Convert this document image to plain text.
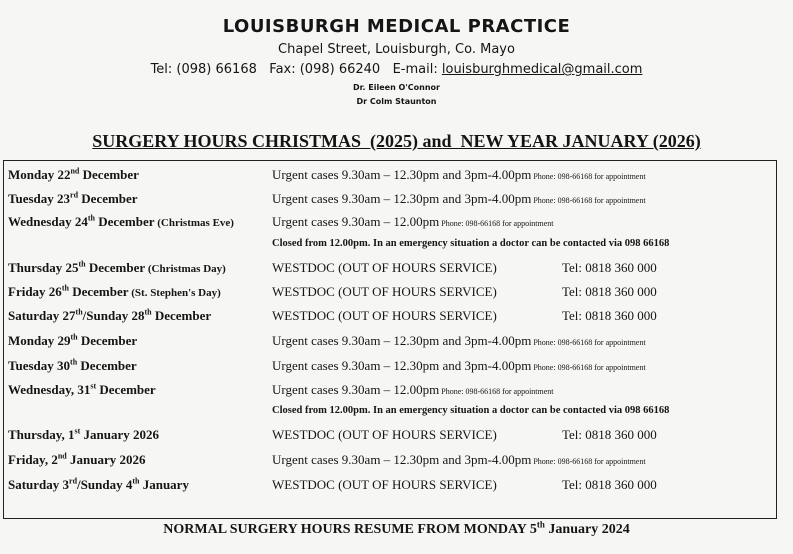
LOUISBURGH MEDICAL PRACTICE
Chapel Street, Louisburgh, Co. Mayo
Tel: (098) 66168 Fax: (098) 66240 E-mail: louisburghmedical@gmail.com
Dr. Eileen O'Connor
Dr Colm Staunton
SURGERY HOURS CHRISTMAS  (2025) and  NEW YEAR JANUARY (2026)
Monday 22nd December	Urgent cases 9.30am – 12.30pm and 3pm-4.00pm Phone: 098-66168 for appointment
Tuesday 23rd December	Urgent cases 9.30am – 12.30pm and 3pm-4.00pm Phone: 098-66168 for appointment
Wednesday 24th December (Christmas Eve)	Urgent cases 9.30am – 12.00pm Phone: 098-66168 for appointment
Closed from 12.00pm. In an emergency situation a doctor can be contacted via 098 66168
Thursday 25th December (Christmas Day)	WESTDOC (OUT OF HOURS SERVICE)	Tel: 0818 360 000
Friday 26th December (St. Stephen's Day)	WESTDOC (OUT OF HOURS SERVICE)	Tel: 0818 360 000
Saturday 27th/Sunday 28th December	WESTDOC (OUT OF HOURS SERVICE)	Tel: 0818 360 000
Monday 29th December	Urgent cases 9.30am – 12.30pm and 3pm-4.00pm Phone: 098-66168 for appointment
Tuesday 30th December	Urgent cases 9.30am – 12.30pm and 3pm-4.00pm Phone: 098-66168 for appointment
Wednesday, 31st December	Urgent cases 9.30am – 12.00pm Phone: 098-66168 for appointment
Closed from 12.00pm. In an emergency situation a doctor can be contacted via 098 66168
Thursday, 1st January 2026	WESTDOC (OUT OF HOURS SERVICE)	Tel: 0818 360 000
Friday, 2nd January 2026	Urgent cases 9.30am – 12.30pm and 3pm-4.00pm Phone: 098-66168 for appointment
Saturday 3rd/Sunday 4th January	WESTDOC (OUT OF HOURS SERVICE)	Tel: 0818 360 000
NORMAL SURGERY HOURS RESUME FROM MONDAY 5th January 2024
